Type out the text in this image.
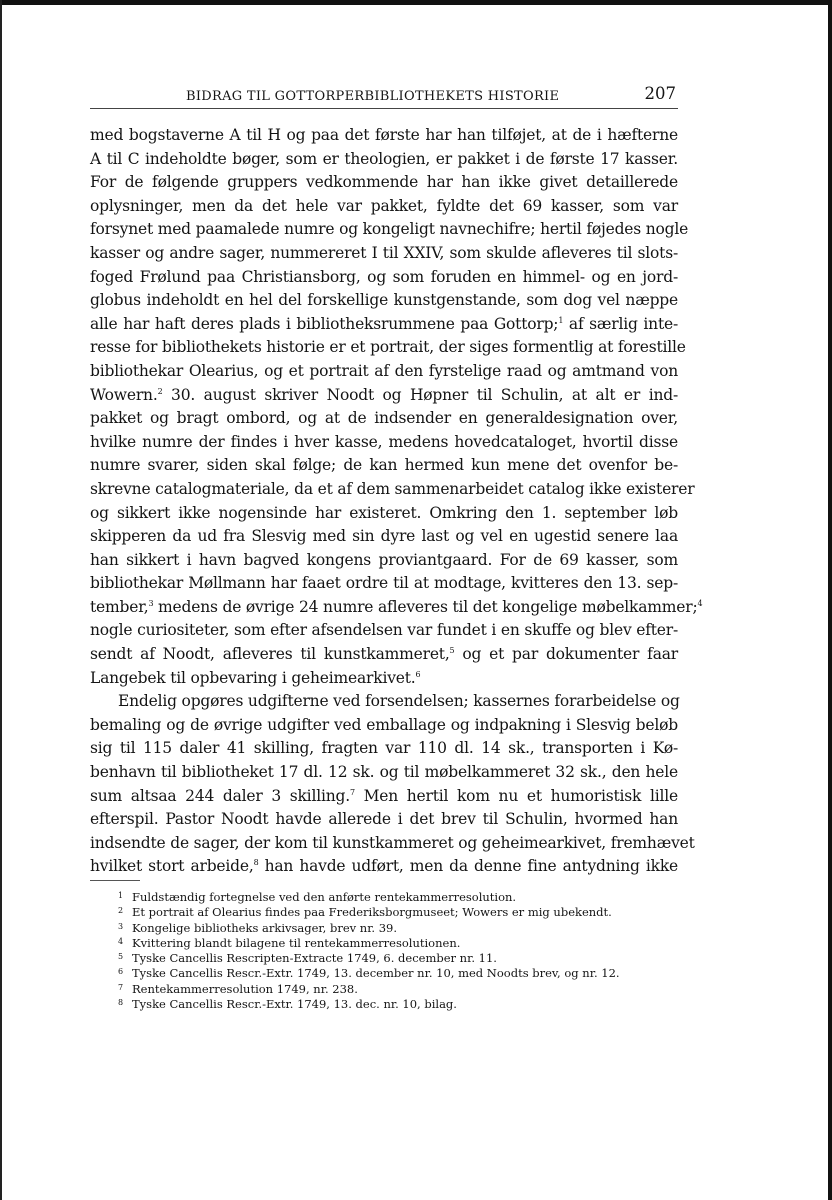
BIDRAG TIL GOTTORPERBIBLIOTHEKETS HISTORIE	207
med bogstaverne A til H og paa det første har han tilføjet, at de i hæfterne
A til C indeholdte bøger, som er theologien, er pakket i de første 17 kasser.
For de følgende gruppers vedkommende har han ikke givet detaillerede
oplysninger, men da det hele var pakket, fyldte det 69 kasser, som var
forsynet med paamalede numre og kongeligt navnechifre; hertil føjedes nogle
kasser og andre sager, nummereret I til XXIV, som skulde afleveres til slots-
foged Frølund paa Christiansborg, og som foruden en himmel- og en jord-
globus indeholdt en hel del forskellige kunstgenstande, som dog vel næppe
alle har haft deres plads i bibliotheksrummene paa Gottorp;$^1$ af særlig inte-
resse for bibliothekets historie er et portrait, der siges formentlig at forestille
bibliothekar Olearius, og et portrait af den fyrstelige raad og amtmand von
Wowern.$^2$ 30. august skriver Noodt og Høpner til Schulin, at alt er ind-
pakket og bragt ombord, og at de indsender en generaldesignation over,
hvilke numre der findes i hver kasse, medens hovedcataloget, hvortil disse
numre svarer, siden skal følge; de kan hermed kun mene det ovenfor be-
skrevne catalogmateriale, da et af dem sammenarbeidet catalog ikke existerer
og sikkert ikke nogensinde har existeret. Omkring den 1. september løb
skipperen da ud fra Slesvig med sin dyre last og vel en ugestid senere laa
han sikkert i havn bagved kongens proviantgaard. For de 69 kasser, som
bibliothekar Møllmann har faaet ordre til at modtage, kvitteres den 13. sep-
tember,$^3$ medens de øvrige 24 numre afleveres til det kongelige møbelkammer;$^4$
nogle curiositeter, som efter afsendelsen var fundet i en skuffe og blev efter-
sendt af Noodt, afleveres til kunstkammeret,$^5$ og et par dokumenter faar
Langebek til opbevaring i geheimearkivet.$^6$
Endelig opgøres udgifterne ved forsendelsen; kassernes forarbeidelse og
bemaling og de øvrige udgifter ved emballage og indpakning i Slesvig beløb
sig til 115 daler 41 skilling, fragten var 110 dl. 14 sk., transporten i Kø-
benhavn til bibliotheket 17 dl. 12 sk. og til møbelkammeret 32 sk., den hele
sum altsaa 244 daler 3 skilling.$^7$ Men hertil kom nu et humoristisk lille
efterspil. Pastor Noodt havde allerede i det brev til Schulin, hvormed han
indsendte de sager, der kom til kunstkammeret og geheimearkivet, fremhævet
hvilket stort arbeide,$^8$ han havde udført, men da denne fine antydning ikke
1 Fuldstændig fortegnelse ved den anførte rentekammerresolution.
2 Et portrait af Olearius findes paa Frederiksborgmuseet; Wowers er mig ubekendt.
3 Kongelige bibliotheks arkivsager, brev nr. 39.
4 Kvittering blandt bilagene til rentekammerresolutionen.
5 Tyske Cancellis Rescripten-Extracte 1749, 6. december nr. 11.
6 Tyske Cancellis Rescr.-Extr. 1749, 13. december nr. 10, med Noodts brev, og nr. 12.
7 Rentekammerresolution 1749, nr. 238.
8 Tyske Cancellis Rescr.-Extr. 1749, 13. dec. nr. 10, bilag.
